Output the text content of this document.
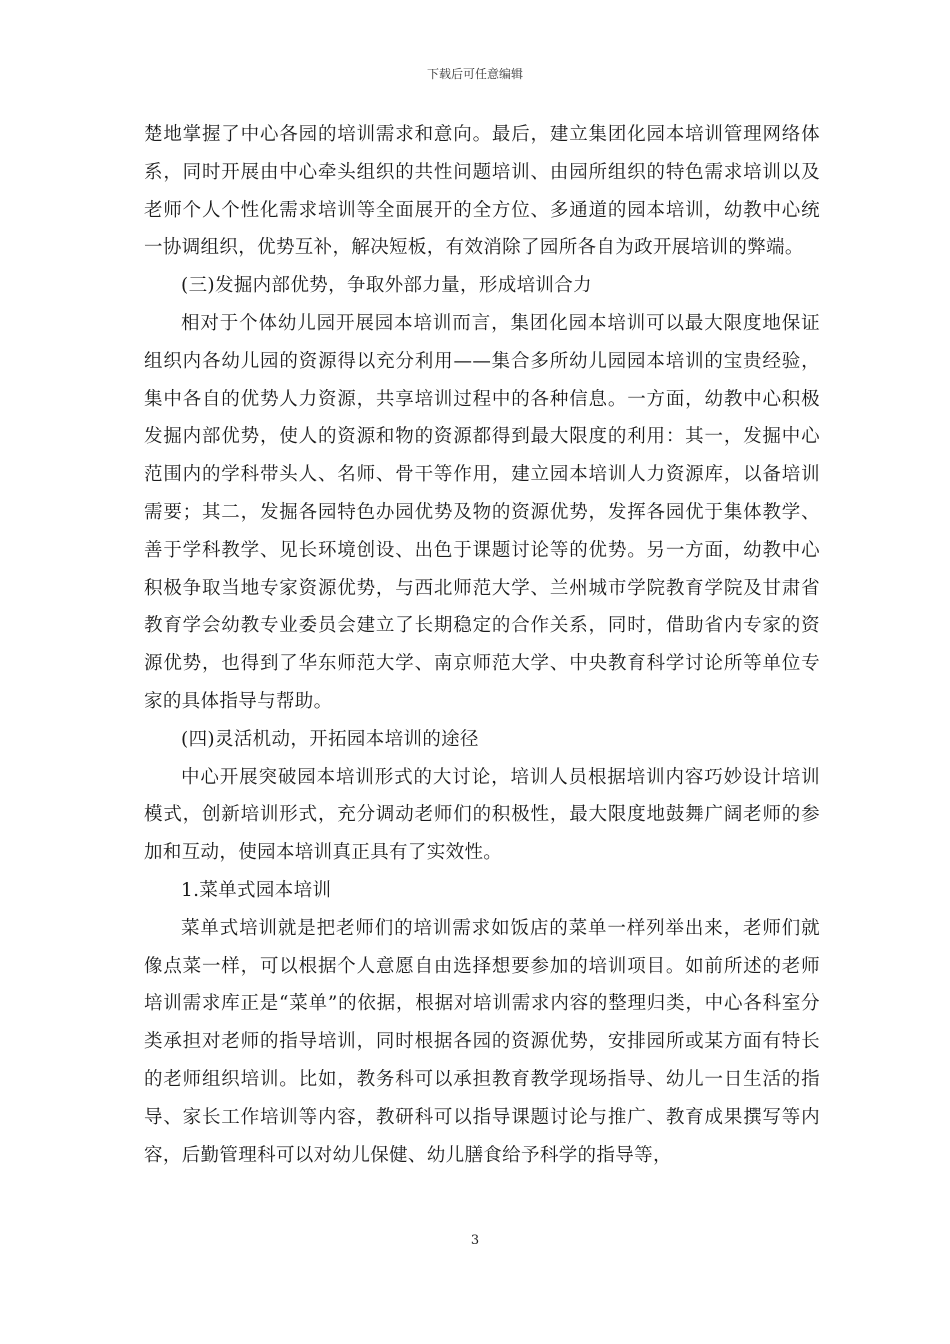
下载后可任意编辑

楚地掌握了中心各园的培训需求和意向。最后，建立集团化园本培训管理网络体系，同时开展由中心牵头组织的共性问题培训、由园所组织的特色需求培训以及老师个人个性化需求培训等全面展开的全方位、多通道的园本培训，幼教中心统一协调组织，优势互补，解决短板，有效消除了园所各自为政开展培训的弊端。

(三)发掘内部优势，争取外部力量，形成培训合力

相对于个体幼儿园开展园本培训而言，集团化园本培训可以最大限度地保证组织内各幼儿园的资源得以充分利用——集合多所幼儿园园本培训的宝贵经验，集中各自的优势人力资源，共享培训过程中的各种信息。一方面，幼教中心积极发掘内部优势，使人的资源和物的资源都得到最大限度的利用：其一，发掘中心范围内的学科带头人、名师、骨干等作用，建立园本培训人力资源库，以备培训需要；其二，发掘各园特色办园优势及物的资源优势，发挥各园优于集体教学、善于学科教学、见长环境创设、出色于课题讨论等的优势。另一方面，幼教中心积极争取当地专家资源优势，与西北师范大学、兰州城市学院教育学院及甘肃省教育学会幼教专业委员会建立了长期稳定的合作关系，同时，借助省内专家的资源优势，也得到了华东师范大学、南京师范大学、中央教育科学讨论所等单位专家的具体指导与帮助。

(四)灵活机动，开拓园本培训的途径

中心开展突破园本培训形式的大讨论，培训人员根据培训内容巧妙设计培训模式，创新培训形式，充分调动老师们的积极性，最大限度地鼓舞广阔老师的参加和互动，使园本培训真正具有了实效性。

1.菜单式园本培训

菜单式培训就是把老师们的培训需求如饭店的菜单一样列举出来，老师们就像点菜一样，可以根据个人意愿自由选择想要参加的培训项目。如前所述的老师培训需求库正是“菜单”的依据，根据对培训需求内容的整理归类，中心各科室分类承担对老师的指导培训，同时根据各园的资源优势，安排园所或某方面有特长的老师组织培训。比如，教务科可以承担教育教学现场指导、幼儿一日生活的指导、家长工作培训等内容，教研科可以指导课题讨论与推广、教育成果撰写等内容，后勤管理科可以对幼儿保健、幼儿膳食给予科学的指导等，

3
